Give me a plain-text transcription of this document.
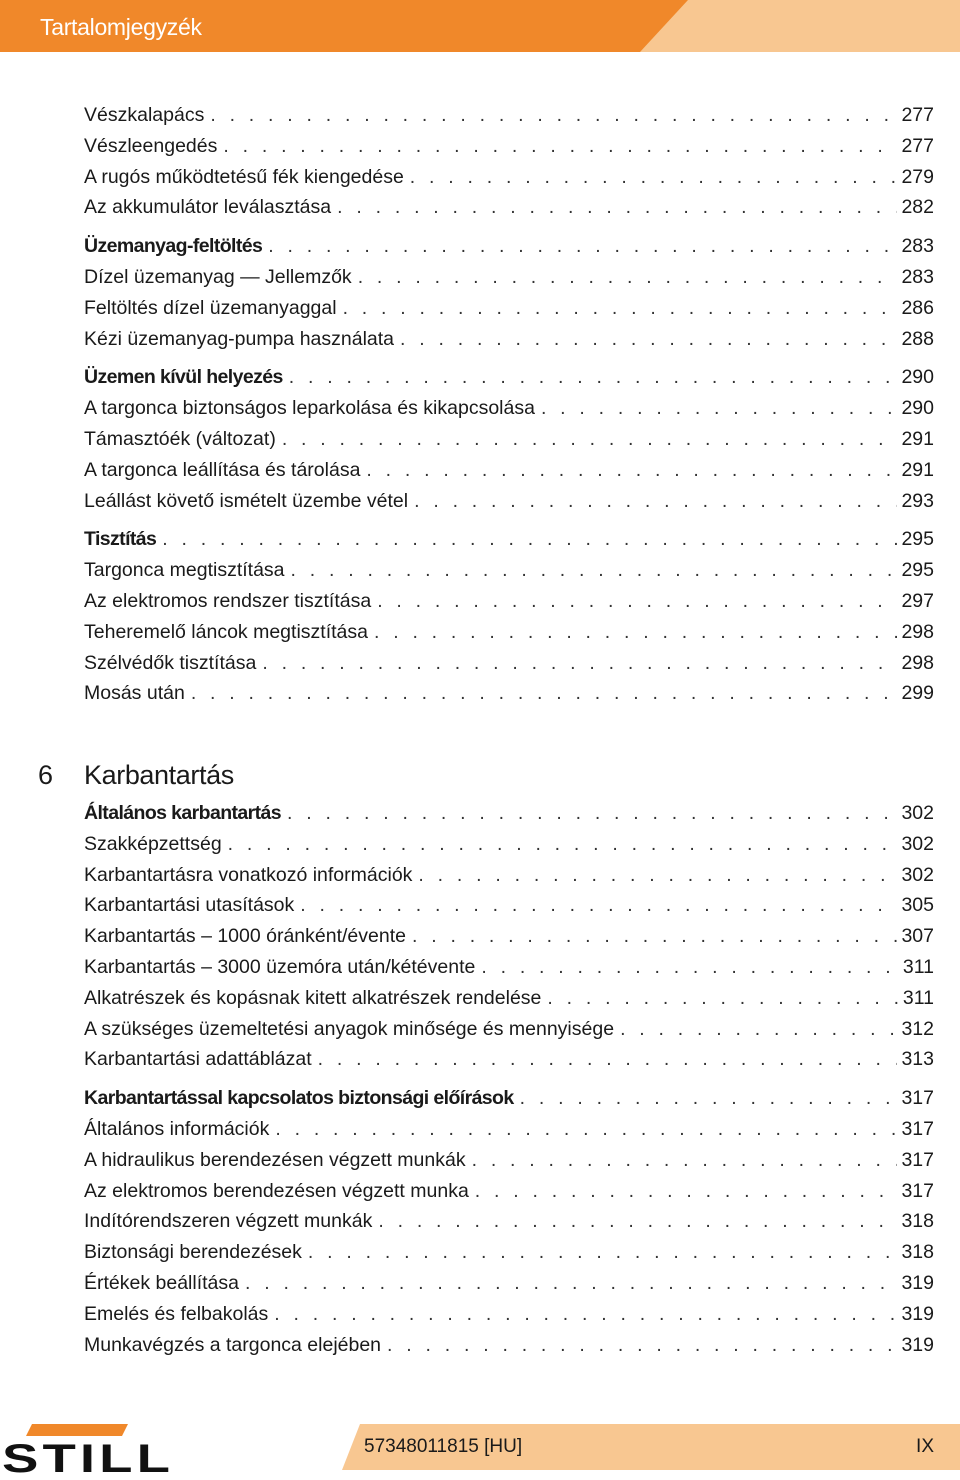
Tartalomjegyzék
Vészkalapács . . .	277
Vészleengedés . . .	277
A rugós működtetésű fék kiengedése . . .	279
Az akkumulátor leválasztása . . .	282
Üzemanyag-feltöltés . . .	283
Dízel üzemanyag — Jellemzők . . .	283
Feltöltés dízel üzemanyaggal . . .	286
Kézi üzemanyag-pumpa használata . . .	288
Üzemen kívül helyezés . . .	290
A targonca biztonságos leparkolása és kikapcsolása . . .	290
Támasztóék (változat) . . .	291
A targonca leállítása és tárolása . . .	291
Leállást követő ismételt üzembe vétel . . .	293
Tisztítás . . .	295
Targonca megtisztítása . . .	295
Az elektromos rendszer tisztítása . . .	297
Teheremelő láncok megtisztítása . . .	298
Szélvédők tisztítása . . .	298
Mosás után . . .	299
6	Karbantartás
Általános karbantartás . . .	302
Szakképzettség . . .	302
Karbantartásra vonatkozó információk . . .	302
Karbantartási utasítások . . .	305
Karbantartás – 1000 óránként/évente . . .	307
Karbantartás – 3000 üzemóra után/kétévente . . .	311
Alkatrészek és kopásnak kitett alkatrészek rendelése . . .	311
A szükséges üzemeltetési anyagok minősége és mennyisége . . .	312
Karbantartási adattáblázat . . .	313
Karbantartással kapcsolatos biztonsági előírások . . .	317
Általános információk . . .	317
A hidraulikus berendezésen végzett munkák . . .	317
Az elektromos berendezésen végzett munka . . .	317
Indítórendszeren végzett munkák . . .	318
Biztonsági berendezések . . .	318
Értékek beállítása . . .	319
Emelés és felbakolás . . .	319
Munkavégzés a targonca elejében . . .	319
STILL	57348011815 [HU]	IX
